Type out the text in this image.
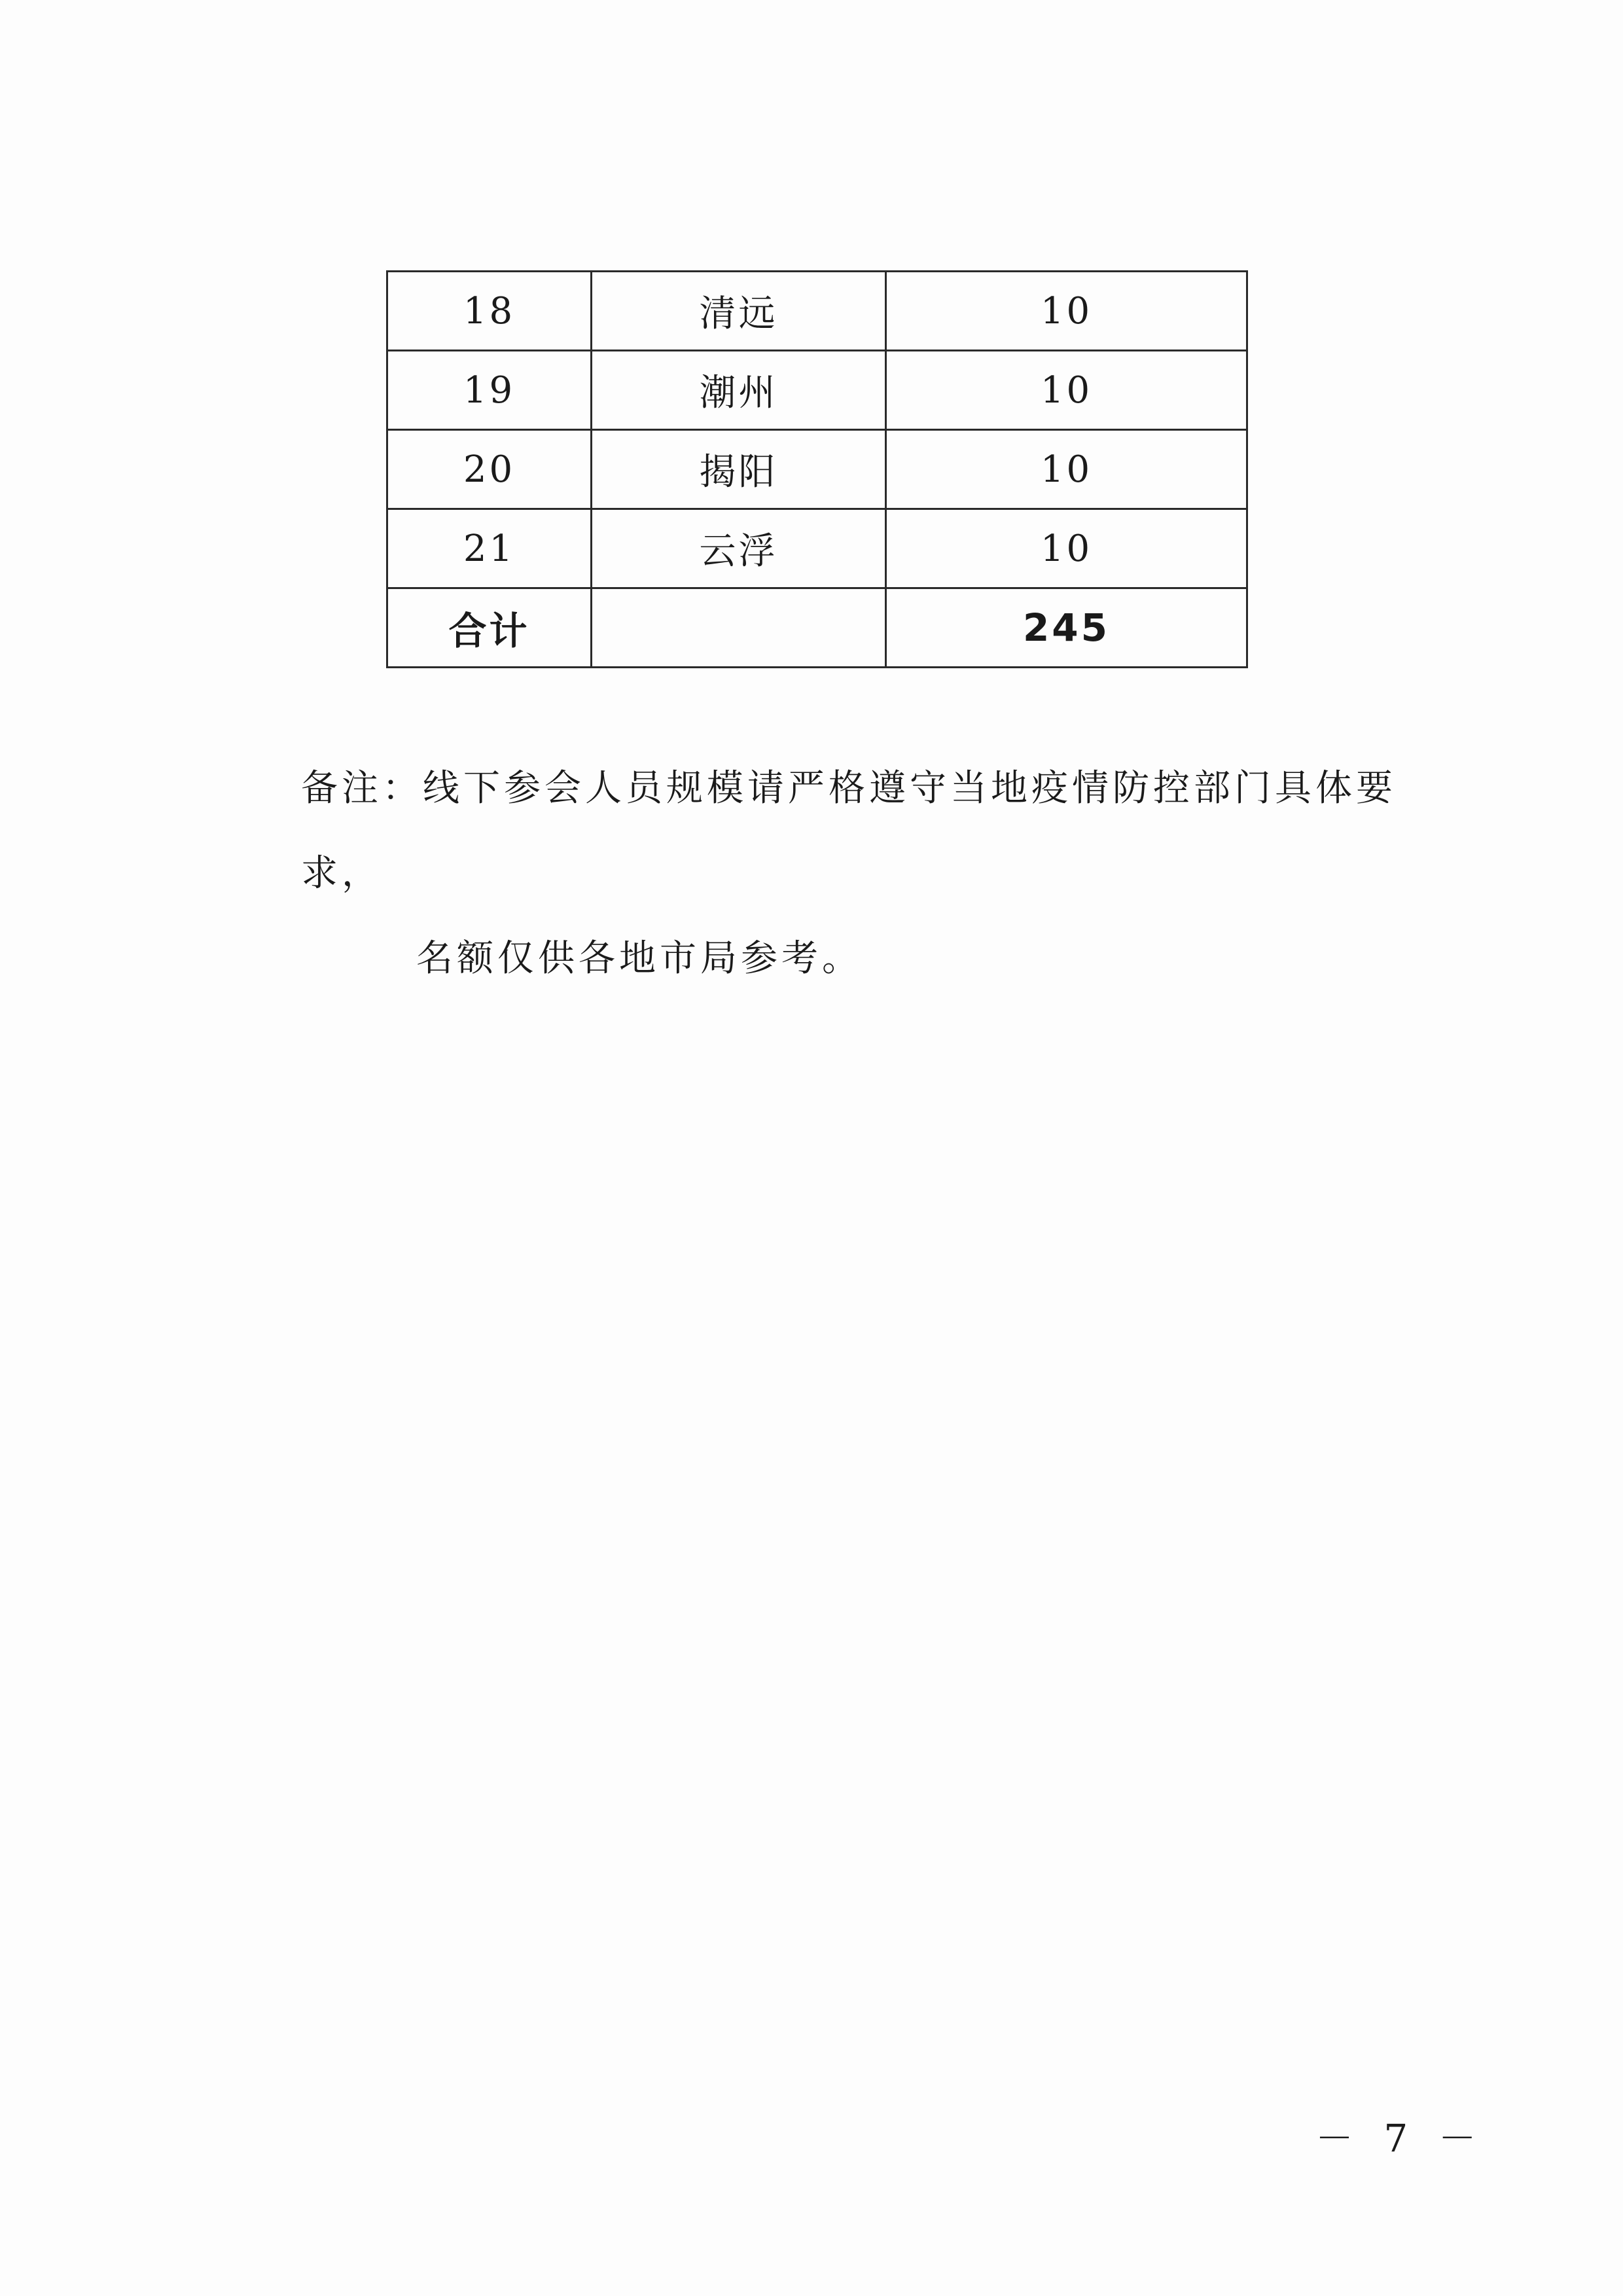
18	清远	10
19	潮州	10
20	揭阳	10
21	云浮	10
合计		245
备注：线下参会人员规模请严格遵守当地疫情防控部门具体要求，
名额仅供各地市局参考。
－ 7 －
